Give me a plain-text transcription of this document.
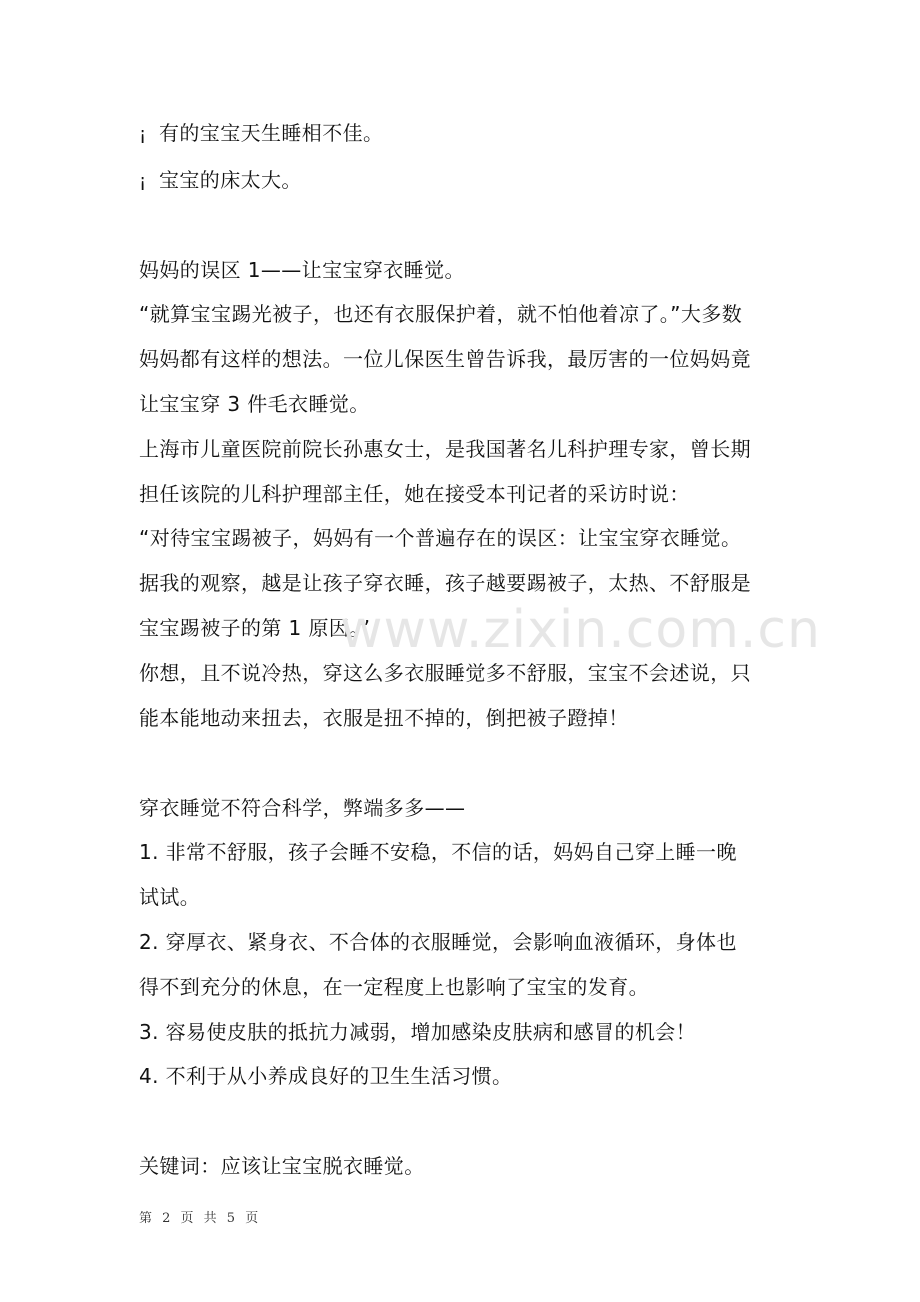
¡ 有的宝宝天生睡相不佳。
¡ 宝宝的床太大。
妈妈的误区 1——让宝宝穿衣睡觉。
“就算宝宝踢光被子，也还有衣服保护着，就不怕他着凉了。”大多数
妈妈都有这样的想法。一位儿保医生曾告诉我，最厉害的一位妈妈竟
让宝宝穿 3 件毛衣睡觉。
上海市儿童医院前院长孙惠女士，是我国著名儿科护理专家，曾长期
担任该院的儿科护理部主任，她在接受本刊记者的采访时说：
“对待宝宝踢被子，妈妈有一个普遍存在的误区：让宝宝穿衣睡觉。
据我的观察，越是让孩子穿衣睡，孩子越要踢被子，太热、不舒服是
宝宝踢被子的第 1 原因。”
你想，且不说冷热，穿这么多衣服睡觉多不舒服，宝宝不会述说，只
能本能地动来扭去，衣服是扭不掉的，倒把被子蹬掉！
穿衣睡觉不符合科学，弊端多多——
1. 非常不舒服，孩子会睡不安稳，不信的话，妈妈自己穿上睡一晚
试试。
2. 穿厚衣、紧身衣、不合体的衣服睡觉，会影响血液循环，身体也
得不到充分的休息，在一定程度上也影响了宝宝的发育。
3. 容易使皮肤的抵抗力减弱，增加感染皮肤病和感冒的机会！
4. 不利于从小养成良好的卫生生活习惯。
关键词：应该让宝宝脱衣睡觉。
www.zixin.com.cn
第 2 页 共 5 页
